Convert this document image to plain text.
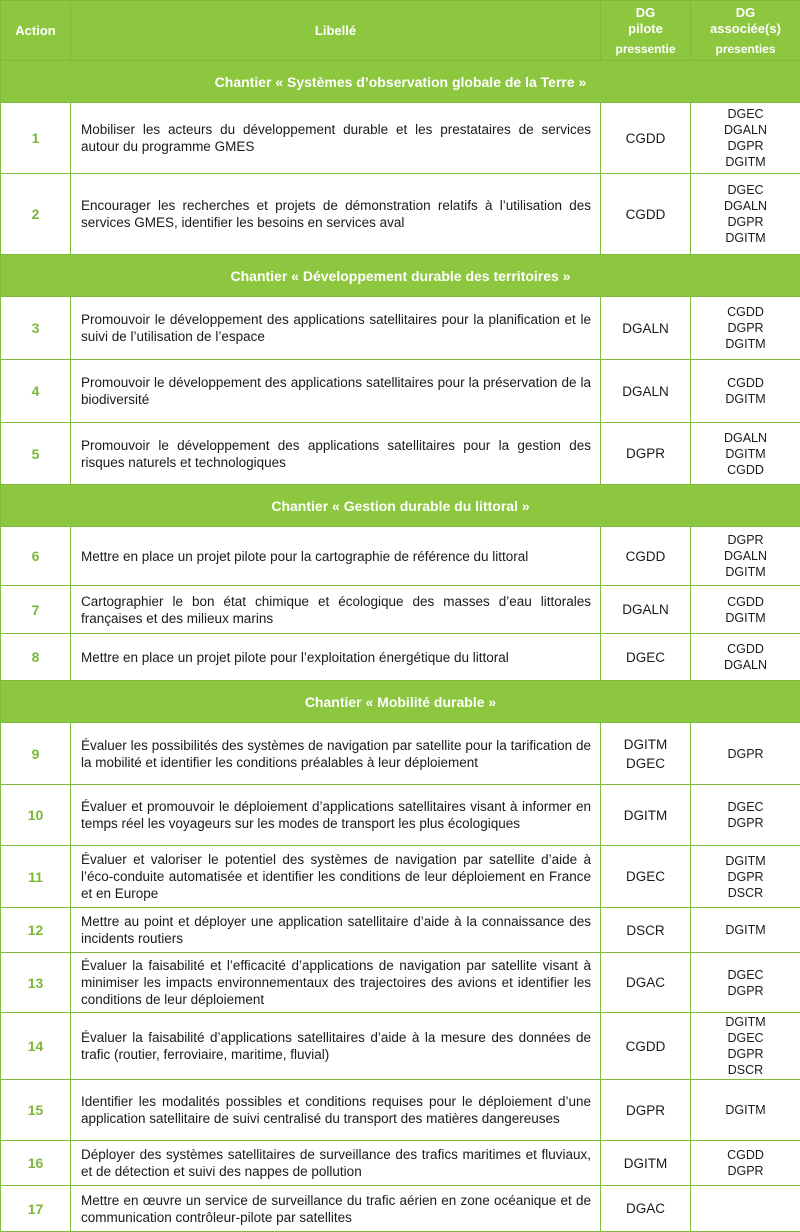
Action	Libellé	DG
pilote
pressentie	DG
associée(s)
presenties

Chantier « Systèmes d’observation globale de la Terre »			
1	Mobiliser les acteurs du développement durable et les prestataires de services autour du programme GMES	CGDD	DGEC
DGALN
DGPR
DGITM

2	Encourager les recherches et projets de démonstration relatifs à l’utilisation des services GMES, identifier les besoins en services aval	CGDD	DGEC
DGALN
DGPR
DGITM

Chantier « Développement durable des territoires »			
3	Promouvoir le développement des applications satellitaires pour la planification et le suivi de l’utilisation de l’espace	DGALN	CGDD
DGPR
DGITM

4	Promouvoir le développement des applications satellitaires pour la préservation de la biodiversité	DGALN	CGDD
DGITM

5	Promouvoir le développement des applications satellitaires pour la gestion des risques naturels et technologiques	DGPR	DGALN
DGITM
CGDD

Chantier « Gestion durable du littoral »			
6	Mettre en place un projet pilote pour la cartographie de référence du littoral	CGDD	DGPR
DGALN
DGITM

7	Cartographier le bon état chimique et écologique des masses d’eau littorales françaises et des milieux marins	DGALN	CGDD
DGITM

8	Mettre en place un projet pilote pour l’exploitation énergétique du littoral	DGEC	CGDD
DGALN

Chantier « Mobilité durable »			
9	Évaluer les possibilités des systèmes de navigation par satellite pour la tarification de la mobilité et identifier les conditions préalables à leur déploiement	DGITM
DGEC	DGPR

10	Évaluer et promouvoir le déploiement d’applications satellitaires visant à informer en temps réel les voyageurs sur les modes de transport les plus écologiques	DGITM	DGEC
DGPR

11	Évaluer et valoriser le potentiel des systèmes de navigation par satellite d’aide à l’éco-conduite automatisée et identifier les conditions de leur déploiement en France et en Europe	DGEC	DGITM
DGPR
DSCR

12	Mettre au point et déployer une application satellitaire d’aide à la connaissance des incidents routiers	DSCR	DGITM

13	Évaluer la faisabilité et l’efficacité d’applications de navigation par satellite visant à minimiser les impacts environnementaux des trajectoires des avions et identifier les conditions de leur déploiement	DGAC	DGEC
DGPR

14	Évaluer la faisabilité d’applications satellitaires d’aide à la mesure des données de trafic (routier, ferroviaire, maritime, fluvial)	CGDD	DGITM
DGEC
DGPR
DSCR

15	Identifier les modalités possibles et conditions requises pour le déploiement d’une application satellitaire de suivi centralisé du transport des matières dangereuses	DGPR	DGITM

16	Déployer des systèmes satellitaires de surveillance des trafics maritimes et fluviaux, et de détection et suivi des nappes de pollution	DGITM	CGDD
DGPR

17	Mettre en œuvre un service de surveillance du trafic aérien en zone océanique et de communication contrôleur-pilote par satellites	DGAC	
